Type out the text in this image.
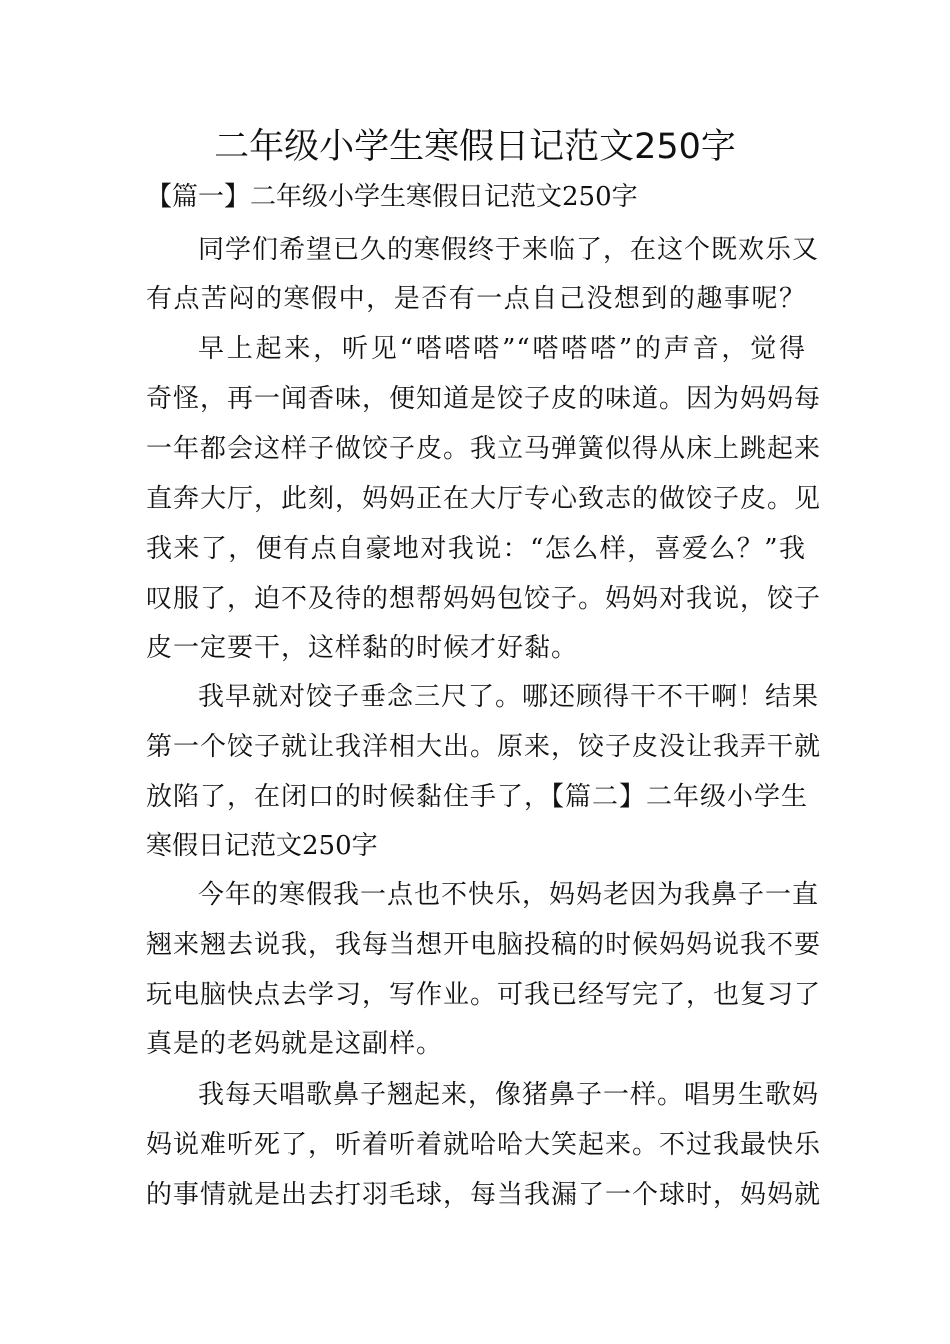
二年级小学生寒假日记范文250字
【篇一】二年级小学生寒假日记范文250字
同学们希望已久的寒假终于来临了，在这个既欢乐又
有点苦闷的寒假中，是否有一点自己没想到的趣事呢？
早上起来，听见“嗒嗒嗒”“嗒嗒嗒”的声音，觉得
奇怪，再一闻香味，便知道是饺子皮的味道。因为妈妈每
一年都会这样子做饺子皮。我立马弹簧似得从床上跳起来
直奔大厅，此刻，妈妈正在大厅专心致志的做饺子皮。见
我来了，便有点自豪地对我说：“怎么样，喜爱么？”我
叹服了，迫不及待的想帮妈妈包饺子。妈妈对我说，饺子
皮一定要干，这样黏的时候才好黏。
我早就对饺子垂念三尺了。哪还顾得干不干啊！结果
第一个饺子就让我洋相大出。原来，饺子皮没让我弄干就
放陷了，在闭口的时候黏住手了，【篇二】二年级小学生
寒假日记范文250字
今年的寒假我一点也不快乐，妈妈老因为我鼻子一直
翘来翘去说我，我每当想开电脑投稿的时候妈妈说我不要
玩电脑快点去学习，写作业。可我已经写完了，也复习了
真是的老妈就是这副样。
我每天唱歌鼻子翘起来，像猪鼻子一样。唱男生歌妈
妈说难听死了，听着听着就哈哈大笑起来。不过我最快乐
的事情就是出去打羽毛球，每当我漏了一个球时，妈妈就
